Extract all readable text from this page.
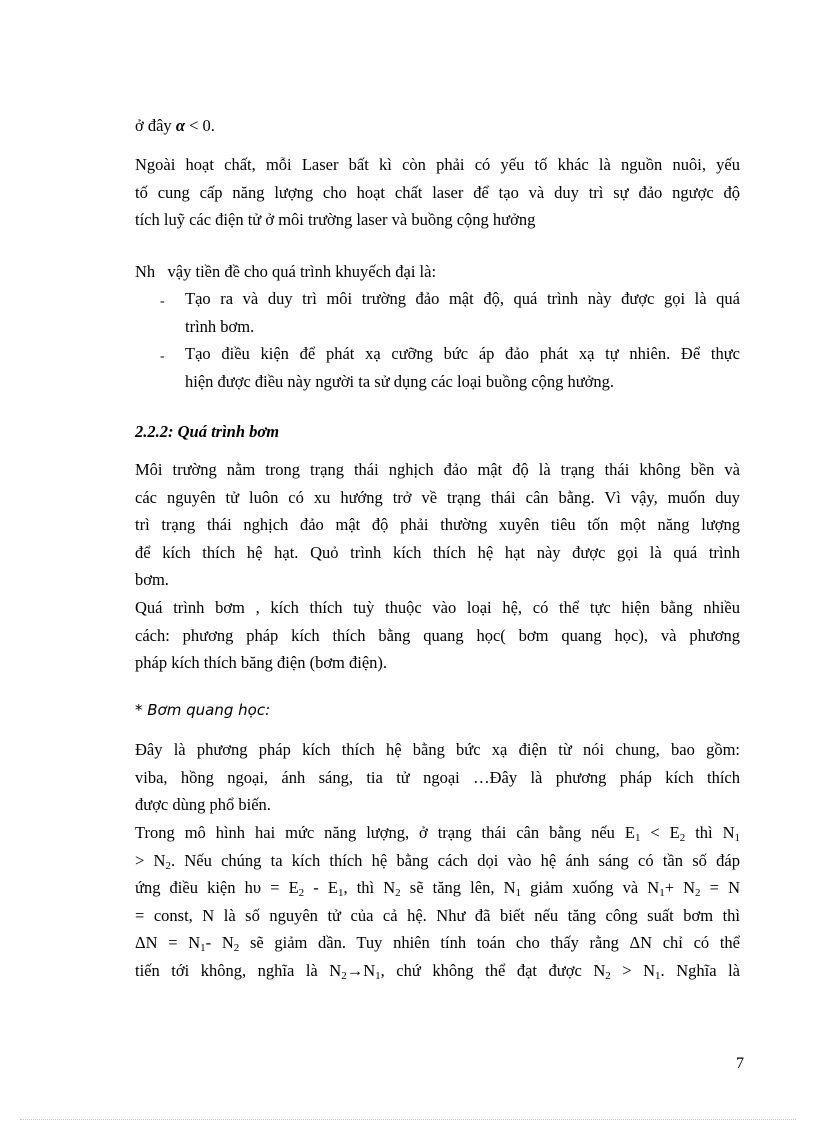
ở đây α < 0.

Ngoài hoạt chất, mỗi Laser bất kì còn phải có yếu tố khác là nguồn nuôi, yếu
tố cung cấp năng lượng cho hoạt chất laser để tạo và duy trì sự đảo ngược độ
tích luỹ các điện tử ở môi trường laser và buồng cộng hưởng

Nh vậy tiền đề cho quá trình khuyếch đại là:

- Tạo ra và duy trì môi trường đảo mật độ, quá trình này được gọi là quá
trình bơm.

- Tạo điều kiện để phát xạ cưỡng bức áp đảo phát xạ tự nhiên. Để thực
hiện được điều này người ta sử dụng các loại buồng cộng hưởng.

2.2.2: Quá trình bơm

Môi trường nằm trong trạng thái nghịch đảo mật độ là trạng thái không bền và
các nguyên tử luôn có xu hướng trở về trạng thái cân bằng. Vì vậy, muốn duy
trì trạng thái nghịch đảo mật độ phải thường xuyên tiêu tốn một năng lượng
để kích thích hệ hạt. Quỏ trình kích thích hệ hạt này được gọi là quá trình
bơm.

Quá trình bơm , kích thích tuỳ thuộc vào loại hệ, có thể tực hiện bằng nhiều
cách: phương pháp kích thích bằng quang học( bơm quang học), và phương
pháp kích thích băng điện (bơm điện).

* Bơm quang học:

Đây là phương pháp kích thích hệ bằng bức xạ điện từ nói chung, bao gồm:
viba, hồng ngoại, ánh sáng, tia tử ngoại …Đây là phương pháp kích thích
được dùng phổ biến.

Trong mô hình hai mức năng lượng, ở trạng thái cân bằng nếu $E_1 < E_2$ thì $N_1$
> $N_2$. Nếu chúng ta kích thích hệ bằng cách dọi vào hệ ánh sáng có tần số đáp
ứng điều kiện $h\upsilon = E_2 - E_1$, thì $N_2$ sẽ tăng lên, $N_1$ giảm xuống và $N_1+ N_2 = N$
= const, N là số nguyên tử của cả hệ. Như đã biết nếu tăng công suất bơm thì
$\Delta N = N_1-$ $N_2$ sẽ giảm dần. Tuy nhiên tính toán cho thấy rằng ΔN chỉ có thể
tiến tới không, nghĩa là $N_2\to N_1$, chứ không thể đạt được $N_2 > N_1$. Nghĩa là

7
